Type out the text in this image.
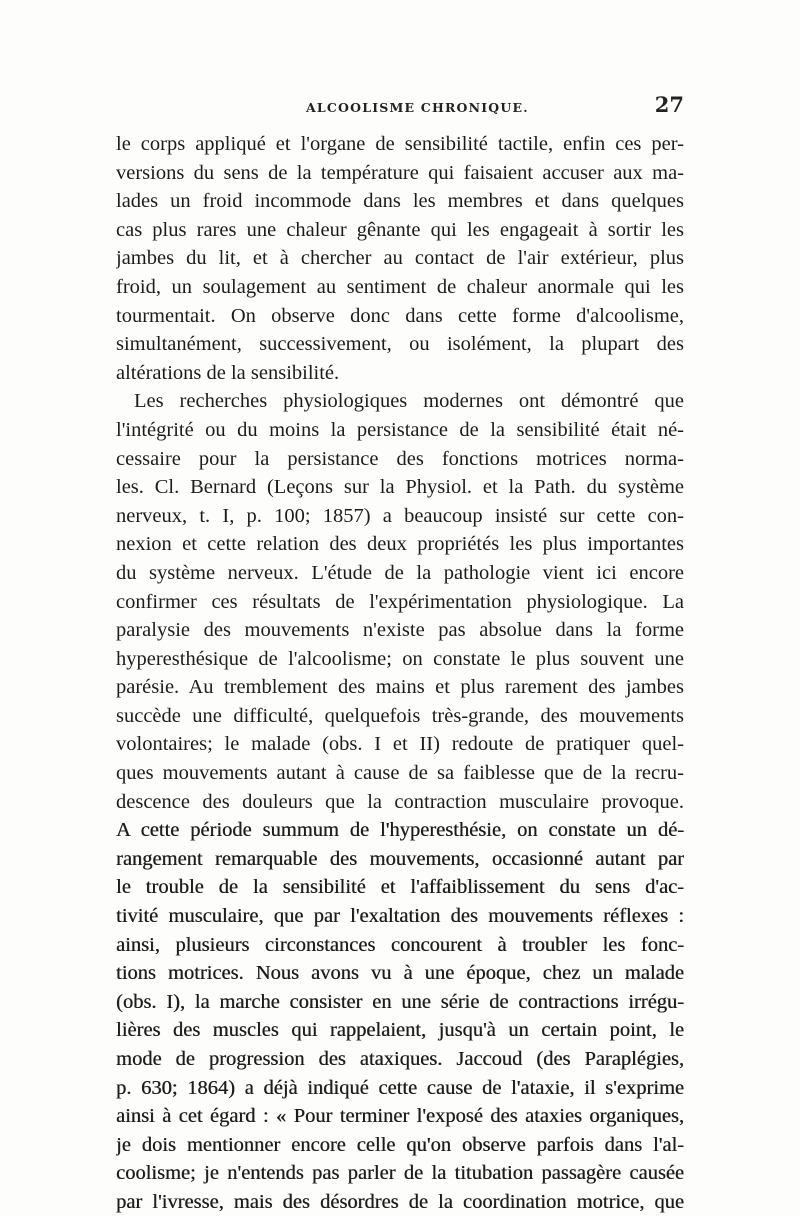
ALCOOLISME CHRONIQUE.	27
le corps appliqué et l'organe de sensibilité tactile, enfin ces per-
versions du sens de la température qui faisaient accuser aux ma-
lades un froid incommode dans les membres et dans quelques
cas plus rares une chaleur gênante qui les engageait à sortir les
jambes du lit, et à chercher au contact de l'air extérieur, plus
froid, un soulagement au sentiment de chaleur anormale qui les
tourmentait. On observe donc dans cette forme d'alcoolisme,
simultanément, successivement, ou isolément, la plupart des
altérations de la sensibilité.
Les recherches physiologiques modernes ont démontré que
l'intégrité ou du moins la persistance de la sensibilité était né-
cessaire pour la persistance des fonctions motrices norma-
les. Cl. Bernard (Leçons sur la Physiol. et la Path. du système
nerveux, t. I, p. 100; 1857) a beaucoup insisté sur cette con-
nexion et cette relation des deux propriétés les plus importantes
du système nerveux. L'étude de la pathologie vient ici encore
confirmer ces résultats de l'expérimentation physiologique. La
paralysie des mouvements n'existe pas absolue dans la forme
hyperesthésique de l'alcoolisme; on constate le plus souvent une
parésie. Au tremblement des mains et plus rarement des jambes
succède une difficulté, quelquefois très-grande, des mouvements
volontaires; le malade (obs. I et II) redoute de pratiquer quel-
ques mouvements autant à cause de sa faiblesse que de la recru-
descence des douleurs que la contraction musculaire provoque.
A cette période summum de l'hyperesthésie, on constate un dé-
rangement remarquable des mouvements, occasionné autant par
le trouble de la sensibilité et l'affaiblissement du sens d'ac-
tivité musculaire, que par l'exaltation des mouvements réflexes :
ainsi, plusieurs circonstances concourent à troubler les fonc-
tions motrices. Nous avons vu à une époque, chez un malade
(obs. I), la marche consister en une série de contractions irrégu-
lières des muscles qui rappelaient, jusqu'à un certain point, le
mode de progression des ataxiques. Jaccoud (des Paraplégies,
p. 630; 1864) a déjà indiqué cette cause de l'ataxie, il s'exprime
ainsi à cet égard : « Pour terminer l'exposé des ataxies organiques,
je dois mentionner encore celle qu'on observe parfois dans l'al-
coolisme; je n'entends pas parler de la titubation passagère causée
par l'ivresse, mais des désordres de la coordination motrice, que
